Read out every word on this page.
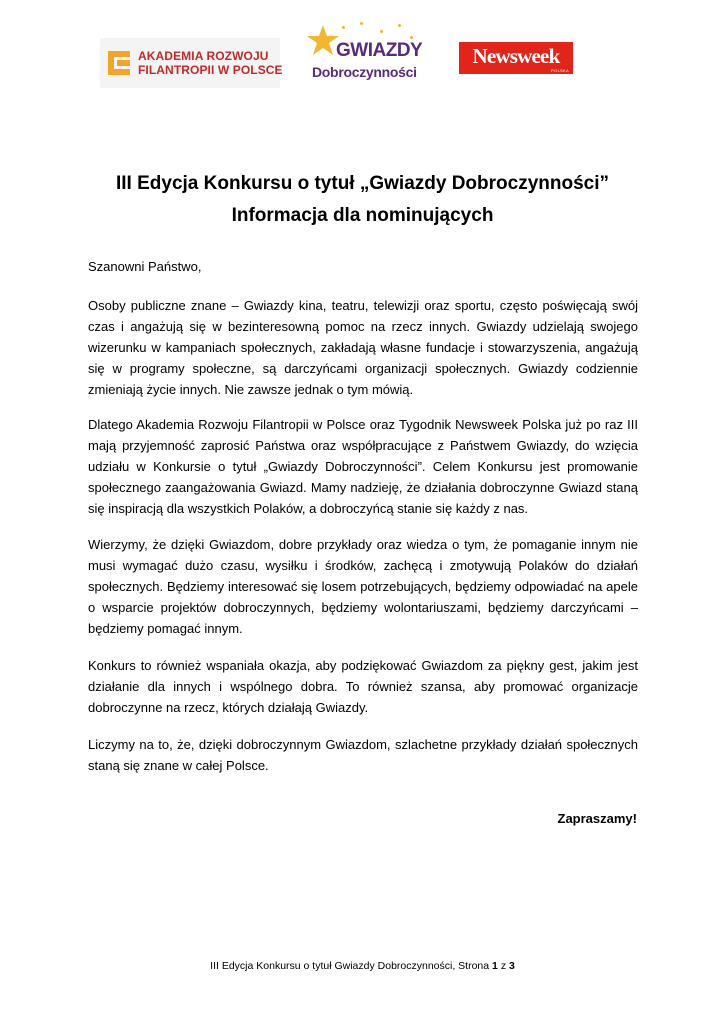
AKADEMIA ROZWOJU
FILANTROPII W POLSCE
GWIAZDY
Dobroczynności
Newsweek
POLSKA
III Edycja Konkursu o tytuł „Gwiazdy Dobroczynności”
Informacja dla nominujących
Szanowni Państwo,

Osoby publiczne znane – Gwiazdy kina, teatru, telewizji oraz sportu, często poświęcają swój czas i angażują się w bezinteresowną pomoc na rzecz innych. Gwiazdy udzielają swojego wizerunku w kampaniach społecznych, zakładają własne fundacje i stowarzyszenia, angażują się w programy społeczne, są darczyńcami organizacji społecznych. Gwiazdy codziennie zmieniają życie innych. Nie zawsze jednak o tym mówią.

Dlatego Akademia Rozwoju Filantropii w Polsce oraz Tygodnik Newsweek Polska już po raz III mają przyjemność zaprosić Państwa oraz współpracujące z Państwem Gwiazdy, do wzięcia udziału w Konkursie o tytuł „Gwiazdy Dobroczynności”. Celem Konkursu jest promowanie społecznego zaangażowania Gwiazd. Mamy nadzieję, że działania dobroczynne Gwiazd staną się inspiracją dla wszystkich Polaków, a dobroczyńcą stanie się każdy z nas.

Wierzymy, że dzięki Gwiazdom, dobre przykłady oraz wiedza o tym, że pomaganie innym nie musi wymagać dużo czasu, wysiłku i środków, zachęcą i zmotywują Polaków do działań społecznych. Będziemy interesować się losem potrzebujących, będziemy odpowiadać na apele o wsparcie projektów dobroczynnych, będziemy wolontariuszami, będziemy darczyńcami – będziemy pomagać innym.

Konkurs to również wspaniała okazja, aby podziękować Gwiazdom za piękny gest, jakim jest działanie dla innych i wspólnego dobra. To również szansa, aby promować organizacje dobroczynne na rzecz, których działają Gwiazdy.

Liczymy na to, że, dzięki dobroczynnym Gwiazdom, szlachetne przykłady działań społecznych staną się znane w całej Polsce.

Zapraszamy!
III Edycja Konkursu o tytuł Gwiazdy Dobroczynności, Strona 1 z 3
